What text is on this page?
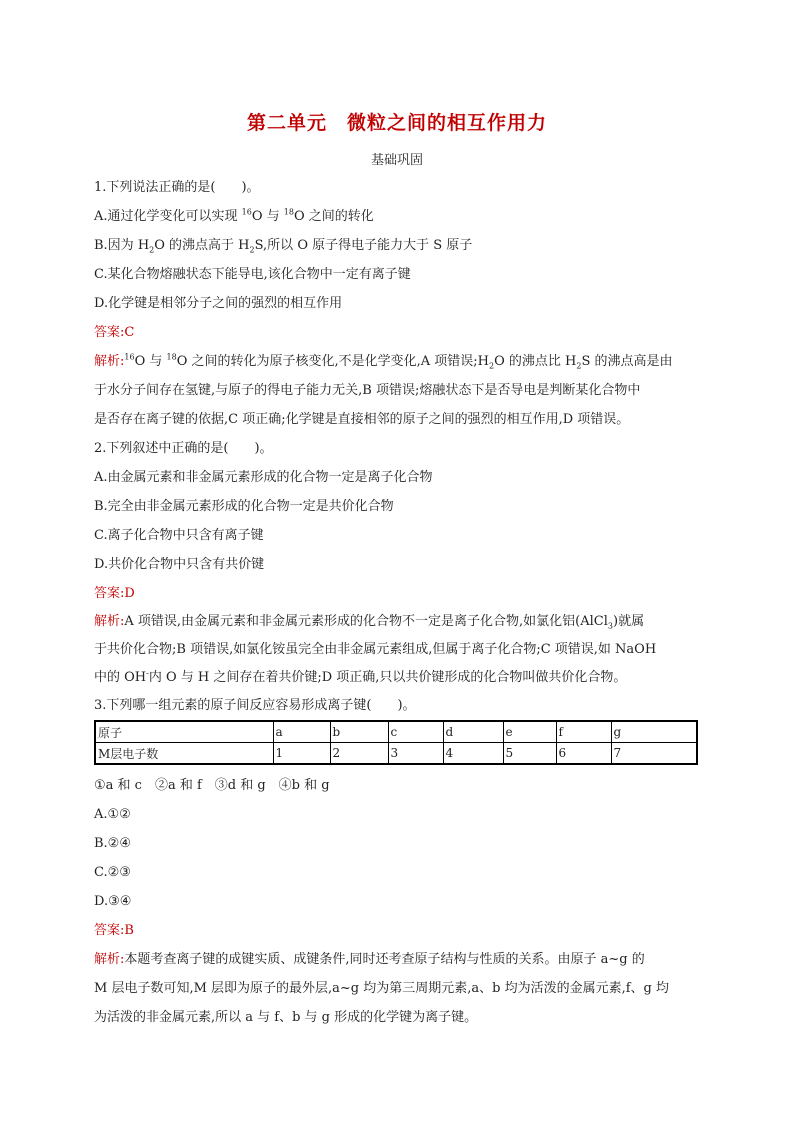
第二单元　微粒之间的相互作用力
基础巩固
1.下列说法正确的是(　　)。
A.通过化学变化可以实现 $^{16}$O 与 $^{18}$O 之间的转化
B.因为 $H_2O$ 的沸点高于 $H_2S$,所以 O 原子得电子能力大于 S 原子
C.某化合物熔融状态下能导电,该化合物中一定有离子键
D.化学键是相邻分子之间的强烈的相互作用
答案:C
解析:$^{16}$O 与 $^{18}$O 之间的转化为原子核变化,不是化学变化,A 项错误$;H_2O$ 的沸点比 $H_2S$ 的沸点高是由
于水分子间存在氢键,与原子的得电子能力无关,B 项错误;熔融状态下是否导电是判断某化合物中
是否存在离子键的依据,C 项正确;化学键是直接相邻的原子之间的强烈的相互作用,D 项错误。
2.下列叙述中正确的是(　　)。
A.由金属元素和非金属元素形成的化合物一定是离子化合物
B.完全由非金属元素形成的化合物一定是共价化合物
C.离子化合物中只含有离子键
D.共价化合物中只含有共价键
答案:D
解析:A 项错误,由金属元素和非金属元素形成的化合物不一定是离子化合物,如氯化铝(AlCl$_3$)就属
于共价化合物;B 项错误,如氯化铵虽完全由非金属元素组成,但属于离子化合物;C 项错误,如 NaOH
中的 OH-内 O 与 H 之间存在着共价键;D 项正确,只以共价键形成的化合物叫做共价化合物。
3.下列哪一组元素的原子间反应容易形成离子键(　　)。
原子	a	b	c	d	e	f	g
M层电子数	1	2	3	4	5	6	7
①a 和 c　②a 和 f　③d 和 g　④b 和 g
A.①②
B.②④
C.②③
D.③④
答案:B
解析:本题考查离子键的成键实质、成键条件,同时还考查原子结构与性质的关系。由原子 a~g 的
M 层电子数可知,M 层即为原子的最外层,a~g 均为第三周期元素,a、b 均为活泼的金属元素,f、g 均
为活泼的非金属元素,所以 a 与 f、b 与 g 形成的化学键为离子键。
